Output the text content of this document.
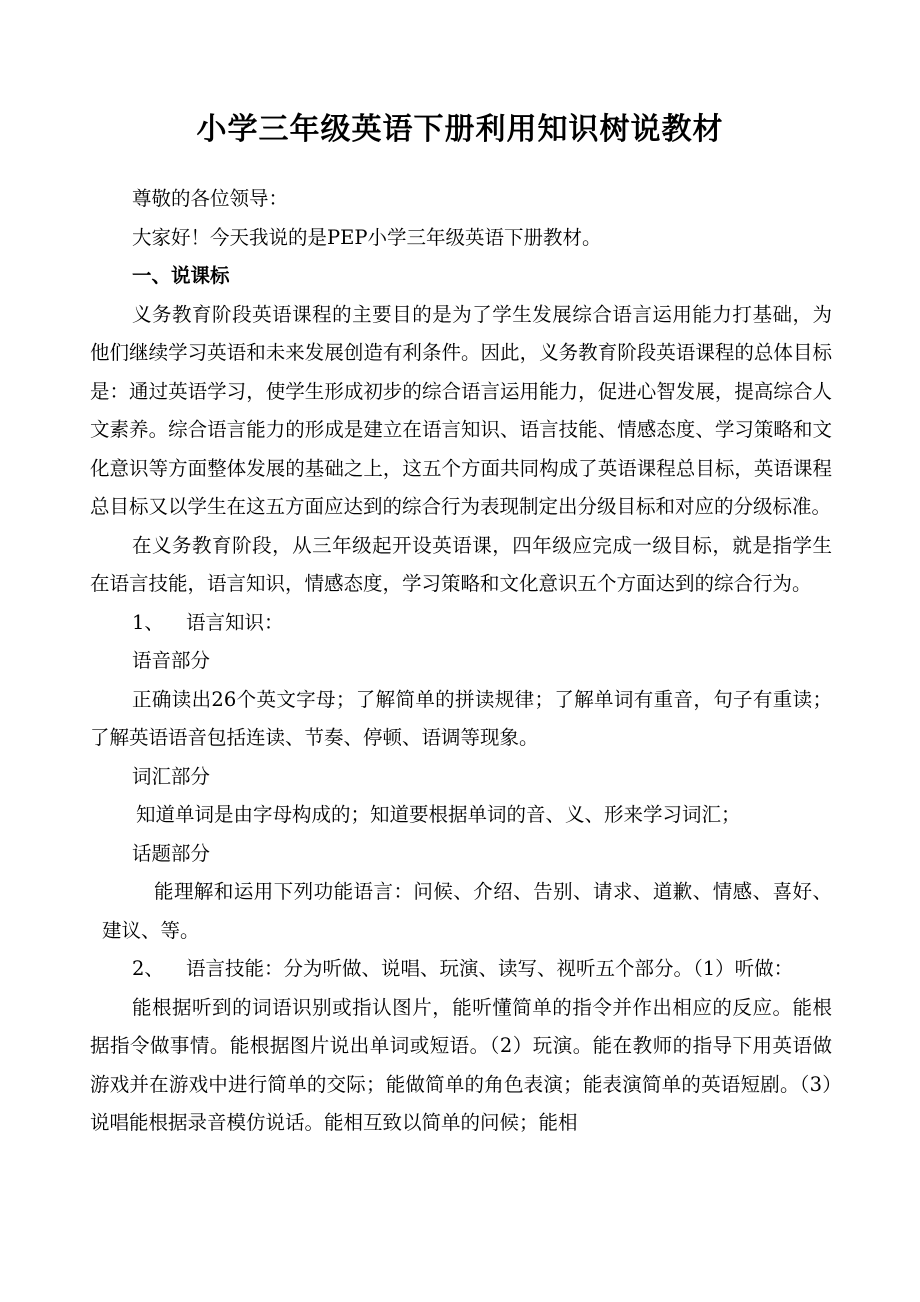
小学三年级英语下册利用知识树说教材

尊敬的各位领导：

大家好！今天我说的是PEP小学三年级英语下册教材。

一、说课标

义务教育阶段英语课程的主要目的是为了学生发展综合语言运用能力打基础，为他们继续学习英语和未来发展创造有利条件。因此，义务教育阶段英语课程的总体目标是：通过英语学习，使学生形成初步的综合语言运用能力，促进心智发展，提高综合人文素养。综合语言能力的形成是建立在语言知识、语言技能、情感态度、学习策略和文化意识等方面整体发展的基础之上，这五个方面共同构成了英语课程总目标，英语课程总目标又以学生在这五方面应达到的综合行为表现制定出分级目标和对应的分级标准。

在义务教育阶段，从三年级起开设英语课，四年级应完成一级目标，就是指学生在语言技能，语言知识，情感态度，学习策略和文化意识五个方面达到的综合行为。

1、 语言知识：

语音部分

正确读出26个英文字母；了解简单的拼读规律；了解单词有重音，句子有重读；了解英语语音包括连读、节奏、停顿、语调等现象。

词汇部分

知道单词是由字母构成的；知道要根据单词的音、义、形来学习词汇；

话题部分

能理解和运用下列功能语言：问候、介绍、告别、请求、道歉、情感、喜好、建议、等。

2、 语言技能：分为听做、说唱、玩演、读写、视听五个部分。（1）听做：

能根据听到的词语识别或指认图片，能听懂简单的指令并作出相应的反应。能根据指令做事情。能根据图片说出单词或短语。（2）玩演。能在教师的指导下用英语做游戏并在游戏中进行简单的交际；能做简单的角色表演；能表演简单的英语短剧。（3）说唱能根据录音模仿说话。能相互致以简单的问候；能相
